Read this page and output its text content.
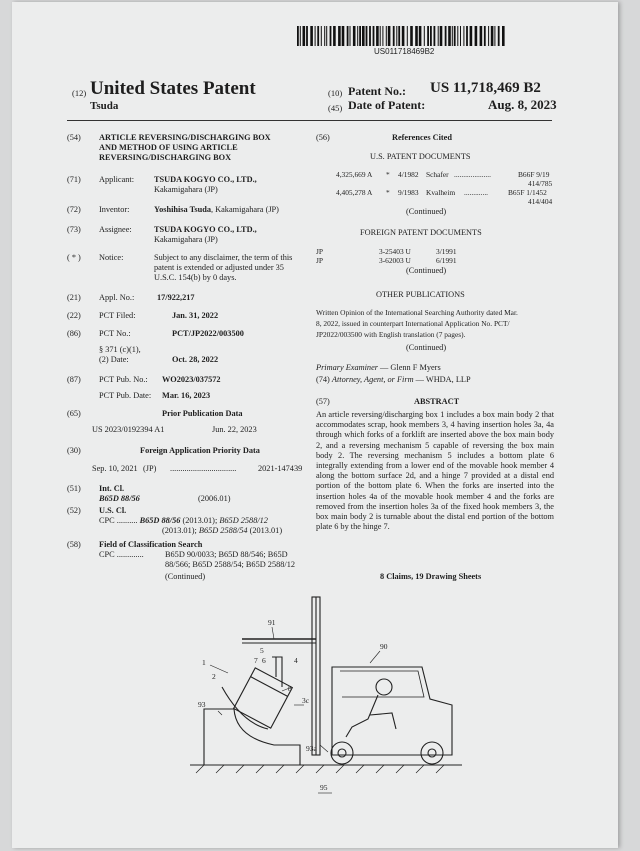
US011718469B2
(12) United States Patent
Tsuda
(10) Patent No.: US 11,718,469 B2
(45) Date of Patent:	Aug. 8, 2023
(54) ARTICLE REVERSING/DISCHARGING BOX
AND METHOD OF USING ARTICLE
REVERSING/DISCHARGING BOX
(71) Applicant: TSUDA KOGYO CO., LTD.,
Kakamigahara (JP)
(72) Inventor:	Yoshihisa Tsuda, Kakamigahara (JP)
(73) Assignee:	TSUDA KOGYO CO., LTD.,
Kakamigahara (JP)
( * ) Notice:	Subject to any disclaimer, the term of this
patent is extended or adjusted under 35
U.S.C. 154(b) by 0 days.
(21) Appl. No.:	17/922,217
(22) PCT Filed:	Jan. 31, 2022
(86) PCT No.:	PCT/JP2022/003500
§ 371 (c)(1),
(2) Date:	Oct. 28, 2022
(87) PCT Pub. No.: WO2023/037572
PCT Pub. Date: Mar. 16, 2023
(65)	Prior Publication Data
US 2023/0192394 A1	Jun. 22, 2023
(30)	Foreign Application Priority Data
Sep. 10, 2021 (JP) ................................	2021-147439
(51) Int. Cl.
B65D 88/56	(2006.01)
(52) U.S. Cl.
CPC .......... B65D 88/56 (2013.01); B65D 2588/12
(2013.01); B65D 2588/54 (2013.01)
(58) Field of Classification Search
CPC .............	B65D 90/0033; B65D 88/546; B65D
88/566; B65D 2588/54; B65D 2588/12
(Continued)
(56)	References Cited
U.S. PATENT DOCUMENTS
4,325,669 A * 4/1982 Schafer ....................	B66F 9/19
414/785
4,405,278 A * 9/1983 Kvalheim .............	B65F 1/1452
414/404
(Continued)
FOREIGN PATENT DOCUMENTS
JP	3-25403 U	3/1991
JP	3-62003 U	6/1991
(Continued)
OTHER PUBLICATIONS
Written Opinion of the International Searching Authority dated Mar.
8, 2022, issued in counterpart International Application No. PCT/
JP2022/003500 with English translation (7 pages).
(Continued)
Primary Examiner — Glenn F Myers
(74) Attorney, Agent, or Firm — WHDA, LLP
(57)	ABSTRACT
An article reversing/discharging box 1 includes a box main body 2 that accommodates scrap, hook members 3, 4 having insertion holes 3a, 4a through which forks of a forklift are inserted above the box main body 2, and a reversing mechanism 5 capable of reversing the box main body 2. The reversing mechanism 5 includes a bottom plate 6 integrally extending from a lower end of the movable hook member 4 along the bottom surface 2d, and a hinge 7 provided at a distal end portion of the bottom plate 6. When the forks are inserted into the insertion holes 4a of the movable hook member 4 and the forks are removed from the insertion holes 3a of the fixed hook members 3, the box main body 2 is turnable about the distal end portion of the bottom plate 6 by the hinge 7.
8 Claims, 19 Drawing Sheets
91
1
5
7 6	4
2
8
90
3c
93
93a
95
